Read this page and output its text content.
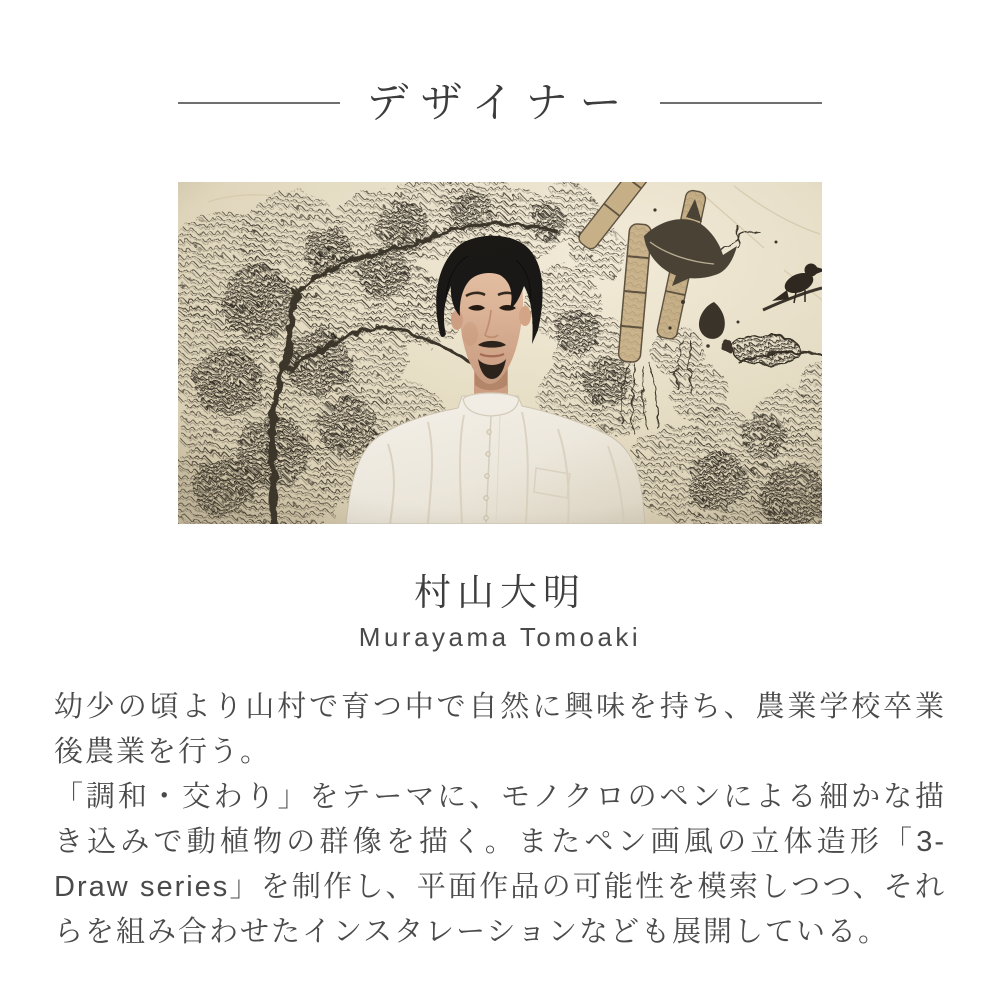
デザイナー
村山大明

Murayama Tomoaki

幼少の頃より山村で育つ中で自然に興味を持ち、農業学校卒業後農業を行う。

「調和・交わり」をテーマに、モノクロのペンによる細かな描き込みで動植物の群像を描く。またペン画風の立体造形「3-Draw series」を制作し、平面作品の可能性を模索しつつ、それらを組み合わせたインスタレーションなども展開している。
